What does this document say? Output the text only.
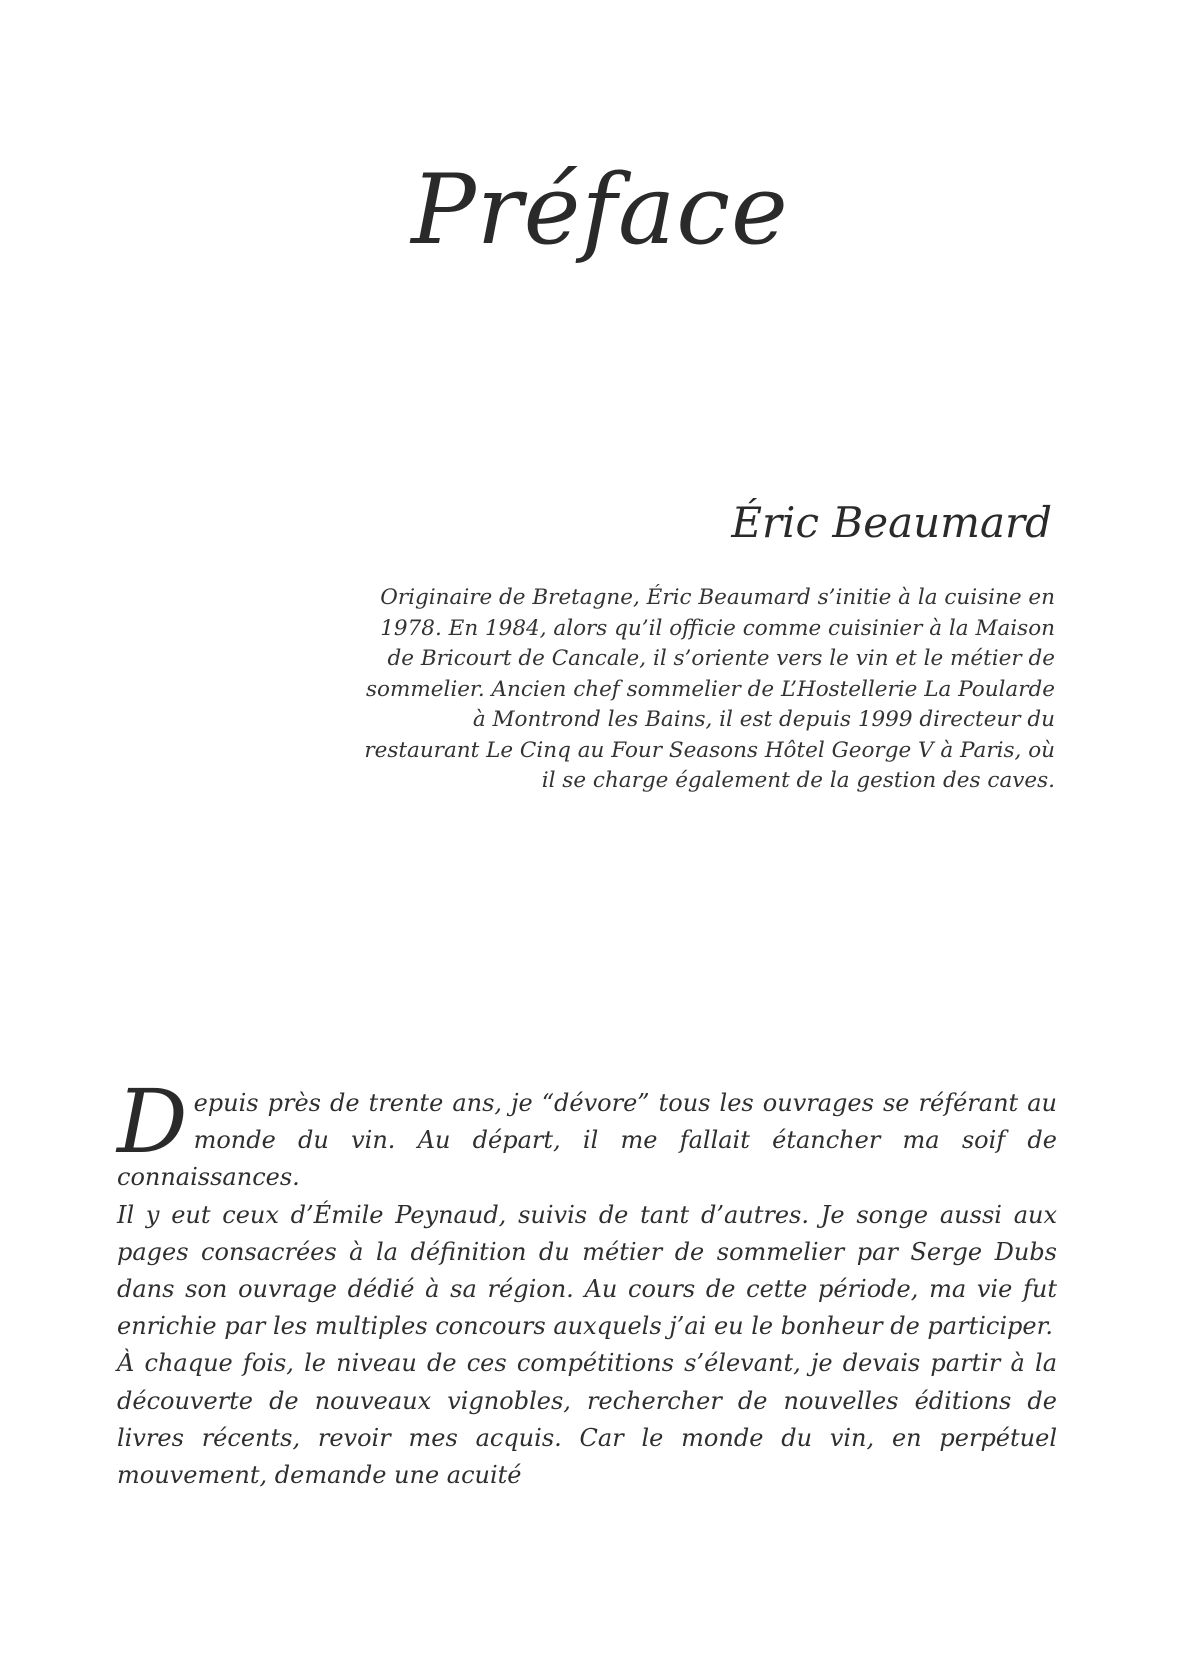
Préface
Éric Beaumard
Originaire de Bretagne, Éric Beaumard s’initie à la cuisine en 1978. En 1984, alors qu’il officie comme cuisinier à la Maison de Bricourt de Cancale, il s’oriente vers le vin et le métier de sommelier. Ancien chef sommelier de L’Hostellerie La Poularde à Montrond les Bains, il est depuis 1999 directeur du restaurant Le Cinq au Four Seasons Hôtel George V à Paris, où il se charge également de la gestion des caves.

Depuis près de trente ans, je “dévore” tous les ouvrages se référant au monde du vin. Au départ, il me fallait étancher ma soif de connaissances.

Il y eut ceux d’Émile Peynaud, suivis de tant d’autres. Je songe aussi aux pages consacrées à la définition du métier de sommelier par Serge Dubs dans son ouvrage dédié à sa région. Au cours de cette période, ma vie fut enrichie par les multiples concours auxquels j’ai eu le bonheur de participer.

À chaque fois, le niveau de ces compétitions s’élevant, je devais partir à la découverte de nouveaux vignobles, rechercher de nouvelles éditions de livres récents, revoir mes acquis. Car le monde du vin, en perpétuel mouvement, demande une acuité
